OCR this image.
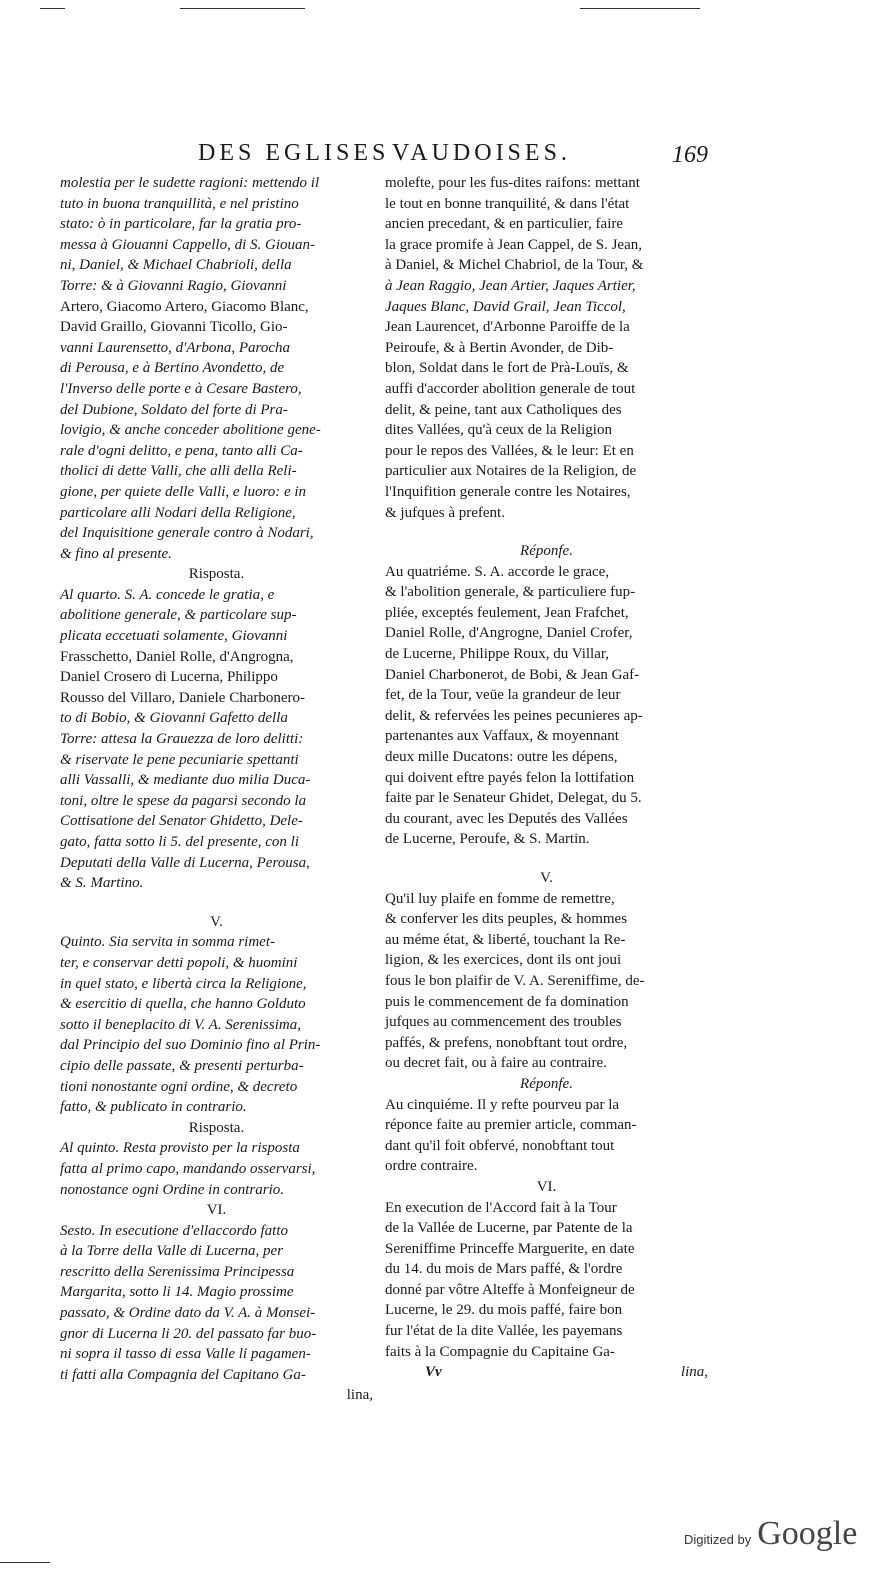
DES EGLISES VAUDOISES.	169

molestia per le sudette ragioni: mettendo il

tuto in buona tranquillità, e nel pristino

stato: ò in particolare, far la gratia pro-

messa à Giouanni Cappello, di S. Giouan-

ni, Daniel, & Michael Chabrioli, della

Torre: & à Giovanni Ragio, Giovanni

Artero, Giacomo Artero, Giacomo Blanc,

David Graillo, Giovanni Ticollo, Gio-

vanni Laurensetto, d'Arbona, Parocha

di Perousa, e à Bertino Avondetto, de

l'Inverso delle porte e à Cesare Bastero,

del Dubione, Soldato del forte di Pra-

lovigio, & anche conceder abolitione gene-

rale d'ogni delitto, e pena, tanto alli Ca-

tholici di dette Valli, che alli della Reli-

gione, per quiete delle Valli, e luoro: e in

particolare alli Nodari della Religione,

del Inquisitione generale contro à Nodari,

& fino al presente.

Risposta.

Al quarto. S. A. concede le gratia, e

abolitione generale, & particolare sup-

plicata eccetuati solamente, Giovanni

Frasschetto, Daniel Rolle, d'Angrogna,

Daniel Crosero di Lucerna, Philippo

Rousso del Villaro, Daniele Charbonero-

to di Bobio, & Giovanni Gafetto della

Torre: attesa la Grauezza de loro delitti:

& riservate le pene pecuniarie spettanti

alli Vassalli, & mediante duo milia Duca-

toni, oltre le spese da pagarsi secondo la

Cottisatione del Senator Ghidetto, Dele-

gato, fatta sotto li 5. del presente, con li

Deputati della Valle di Lucerna, Perousa,

& S. Martino.

V.

Quinto. Sia servita in somma rimet-

ter, e conservar detti popoli, & huomini

in quel stato, e libertà circa la Religione,

& esercitio di quella, che hanno Golduto

sotto il beneplacito di V. A. Serenissima,

dal Principio del suo Dominio fino al Prin-

cipio delle passate, & presenti perturba-

tioni nonostante ogni ordine, & decreto

fatto, & publicato in contrario.

Risposta.

Al quinto. Resta provisto per la risposta

fatta al primo capo, mandando osservarsi,

nonostance ogni Ordine in contrario.

VI.

Sesto. In esecutione d'ellaccordo fatto

à la Torre della Valle di Lucerna, per

rescritto della Serenissima Principessa

Margarita, sotto li 14. Magio prossime

passato, & Ordine dato da V. A. à Monsei-

gnor di Lucerna li 20. del passato far buo-

ni sopra il tasso di essa Valle li pagamen-

ti fatti alla Compagnia del Capitano Ga-

lina,

molefte, pour les fus-dites raifons: mettant

le tout en bonne tranquilité, & dans l'état

ancien precedant, & en particulier, faire

la grace promife à Jean Cappel, de S. Jean,

à Daniel, & Michel Chabriol, de la Tour, &

à Jean Raggio, Jean Artier, Jaques Artier,

Jaques Blanc, David Grail, Jean Ticcol,

Jean Laurencet, d'Arbonne Paroiffe de la

Peiroufe, & à Bertin Avonder, de Dib-

blon, Soldat dans le fort de Prà-Louïs, &

auffi d'accorder abolition generale de tout

delit, & peine, tant aux Catholiques des

dites Vallées, qu'à ceux de la Religion

pour le repos des Vallées, & le leur: Et en

particulier aux Notaires de la Religion, de

l'Inquifition generale contre les Notaires,

& jufques à prefent.

Réponfe.

Au quatriéme. S. A. accorde le grace,

& l'abolition generale, & particuliere fup-

pliée, exceptés feulement, Jean Frafchet,

Daniel Rolle, d'Angrogne, Daniel Crofer,

de Lucerne, Philippe Roux, du Villar,

Daniel Charbonerot, de Bobi, & Jean Gaf-

fet, de la Tour, veüe la grandeur de leur

delit, & refervées les peines pecunieres ap-

partenantes aux Vaffaux, & moyennant

deux mille Ducatons: outre les dépens,

qui doivent eftre payés felon la lottifation

faite par le Senateur Ghidet, Delegat, du 5.

du courant, avec les Deputés des Vallées

de Lucerne, Peroufe, & S. Martin.

V.

Qu'il luy plaife en fomme de remettre,

& conferver les dits peuples, & hommes

au méme état, & liberté, touchant la Re-

ligion, & les exercices, dont ils ont joui

fous le bon plaifir de V. A. Sereniffime, de-

puis le commencement de fa domination

jufques au commencement des troubles

paffés, & prefens, nonobftant tout ordre,

ou decret fait, ou à faire au contraire.

Réponfe.

Au cinquiéme. Il y refte pourveu par la

réponce faite au premier article, comman-

dant qu'il foit obfervé, nonobftant tout

ordre contraire.

VI.

En execution de l'Accord fait à la Tour

de la Vallée de Lucerne, par Patente de la

Sereniffime Princeffe Marguerite, en date

du 14. du mois de Mars paffé, & l'ordre

donné par vôtre Alteffe à Monfeigneur de

Lucerne, le 29. du mois paffé, faire bon

fur l'état de la dite Vallée, les payemans

faits à la Compagnie du Capitaine Ga-

Vv	lina,

Digitized by Google
